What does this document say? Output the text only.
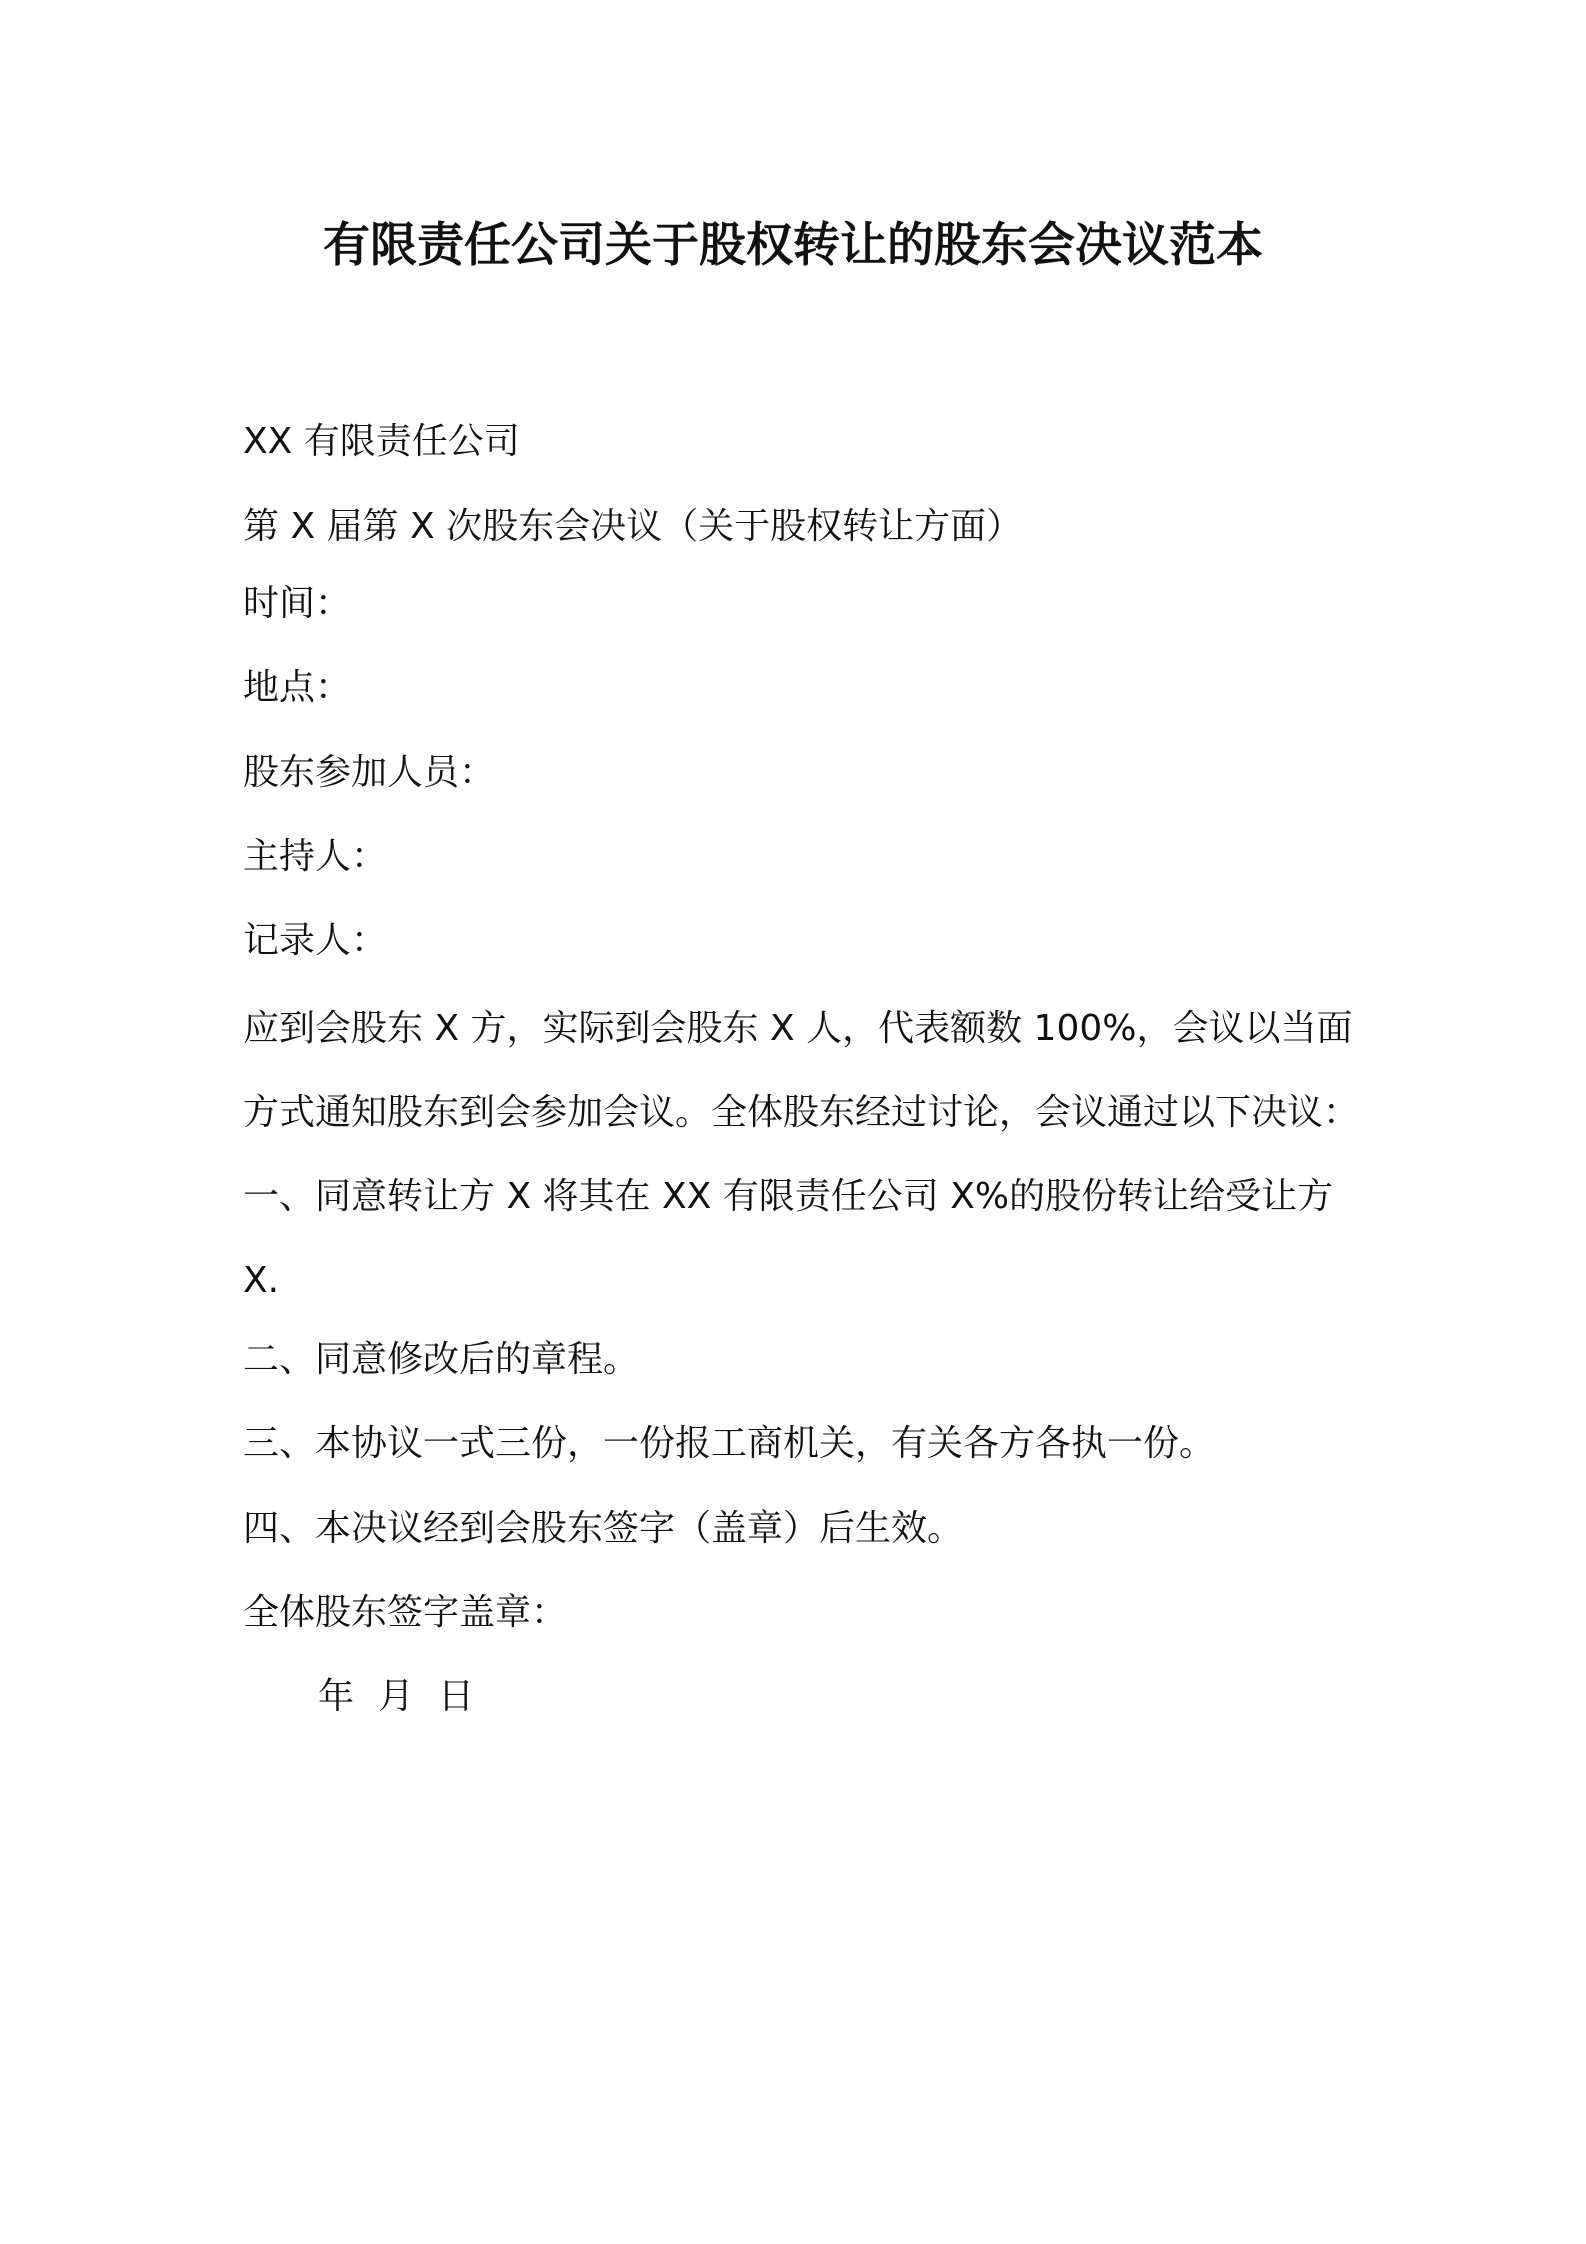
有限责任公司关于股权转让的股东会决议范本
XX 有限责任公司
第 X 届第 X 次股东会决议（关于股权转让方面）
时间：
地点：
股东参加人员：
主持人：
记录人：
应到会股东 X 方，实际到会股东 X 人，代表额数 100%，会议以当面
方式通知股东到会参加会议。全体股东经过讨论，会议通过以下决议：
一、同意转让方 X 将其在 XX 有限责任公司 X%的股份转让给受让方
X.
二、同意修改后的章程。
三、本协议一式三份，一份报工商机关，有关各方各执一份。
四、本决议经到会股东签字（盖章）后生效。
全体股东签字盖章：
年 月 日
